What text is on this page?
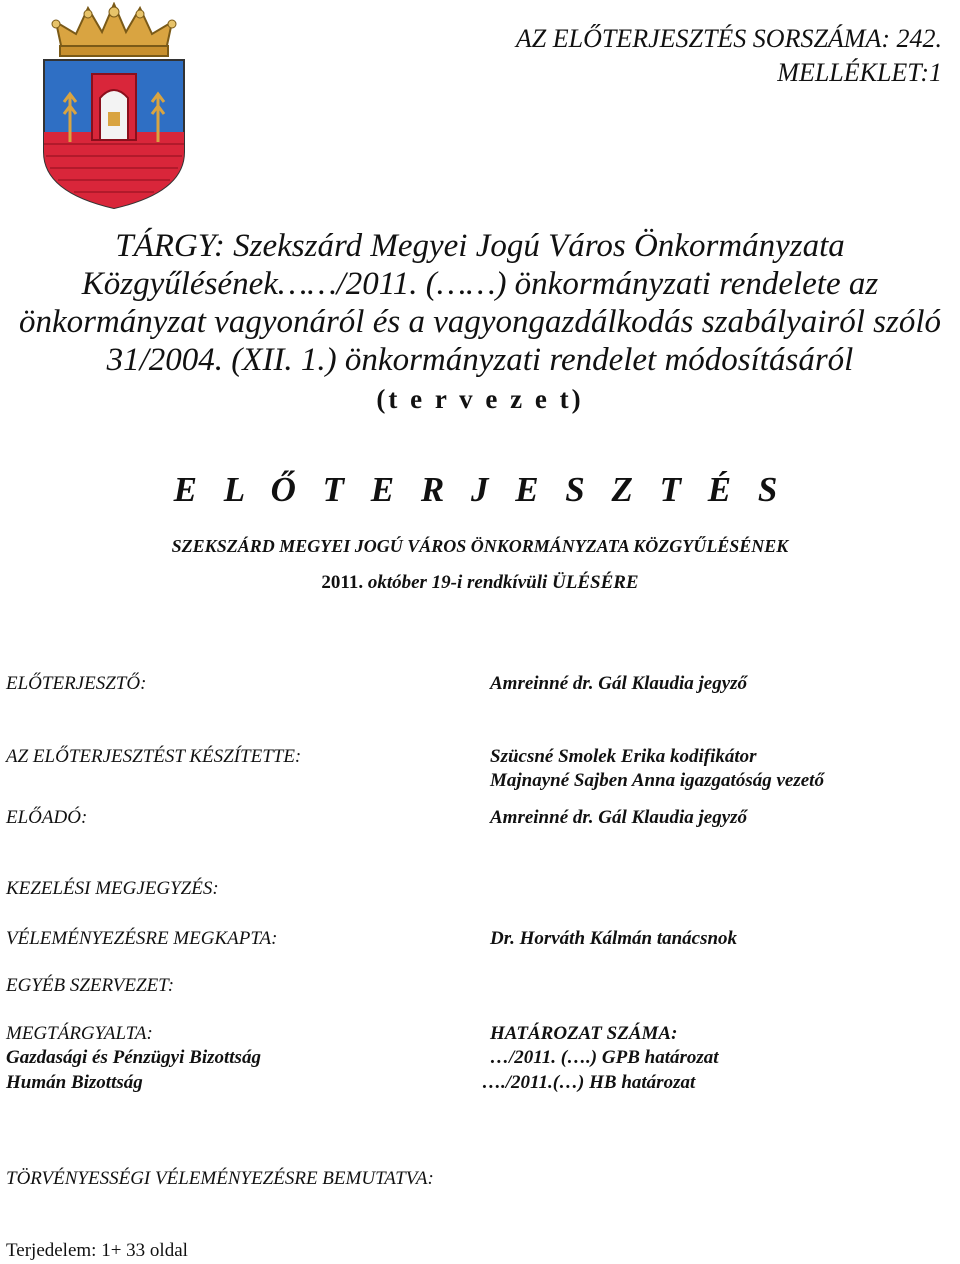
AZ ELŐTERJESZTÉS SORSZÁMA: 242.
MELLÉKLET:1
TÁRGY: Szekszárd Megyei Jogú Város Önkormányzata
Közgyűlésének……/2011. (……) önkormányzati rendelete az
önkormányzat vagyonáról és a vagyongazdálkodás szabályairól szóló
31/2004. (XII. 1.) önkormányzati rendelet módosításáról
(t e r v e z e t)
E L Ő T E R J E S Z T É S
SZEKSZÁRD MEGYEI JOGÚ VÁROS ÖNKORMÁNYZATA KÖZGYŰLÉSÉNEK
2011. október 19-i rendkívüli ÜLÉSÉRE
ELŐTERJESZTŐ:	Amreinné dr. Gál Klaudia jegyző
AZ ELŐTERJESZTÉST KÉSZÍTETTE:	Szücsné Smolek Erika kodifikátor
Majnayné Sajben Anna igazgatóság vezető
ELŐADÓ:	Amreinné dr. Gál Klaudia jegyző
KEZELÉSI MEGJEGYZÉS:
VÉLEMÉNYEZÉSRE MEGKAPTA:	Dr. Horváth Kálmán tanácsnok
EGYÉB SZERVEZET:
MEGTÁRGYALTA:	HATÁROZAT SZÁMA:
Gazdasági és Pénzügyi Bizottság	…/2011. (….) GPB határozat
Humán Bizottság	…./2011.(…) HB határozat
TÖRVÉNYESSÉGI VÉLEMÉNYEZÉSRE BEMUTATVA:
Terjedelem: 1+ 33 oldal
